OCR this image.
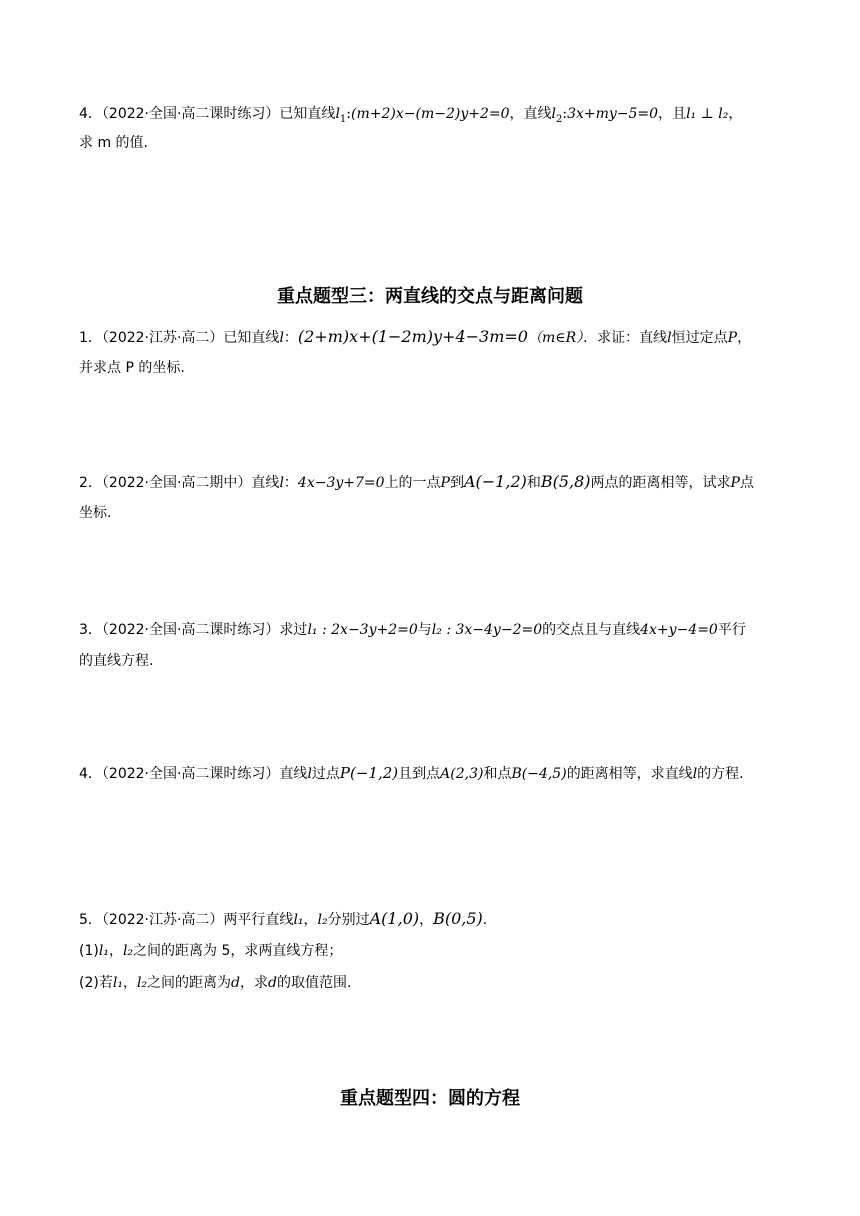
4．（2022·全国·高二课时练习）已知直线$l_1:(m+2)x-(m-2)y+2=0$，直线$l_2:3x+my-5=0$，且l₁ ⊥ l₂，
求 m 的值.
重点题型三：两直线的交点与距离问题
1．（2022·江苏·高二）已知直线l：(2+m)x+(1−2m)y+4−3m=0（m∈R）．求证：直线l恒过定点P，
并求点 P 的坐标.
2．（2022·全国·高二期中）直线l：4x−3y+7=0上的一点P到A(−1,2)和B(5,8)两点的距离相等，试求P点
坐标.
3．（2022·全国·高二课时练习）求过l₁ : 2x−3y+2=0与l₂ : 3x−4y−2=0的交点且与直线4x+y−4=0平行
的直线方程.
4．（2022·全国·高二课时练习）直线l过点P(−1,2)且到点A(2,3)和点B(−4,5)的距离相等，求直线l的方程.
5．（2022·江苏·高二）两平行直线l₁，l₂分别过A(1,0)，B(0,5).
(1)l₁，l₂之间的距离为 5，求两直线方程；
(2)若l₁，l₂之间的距离为d，求d的取值范围.
重点题型四：圆的方程
